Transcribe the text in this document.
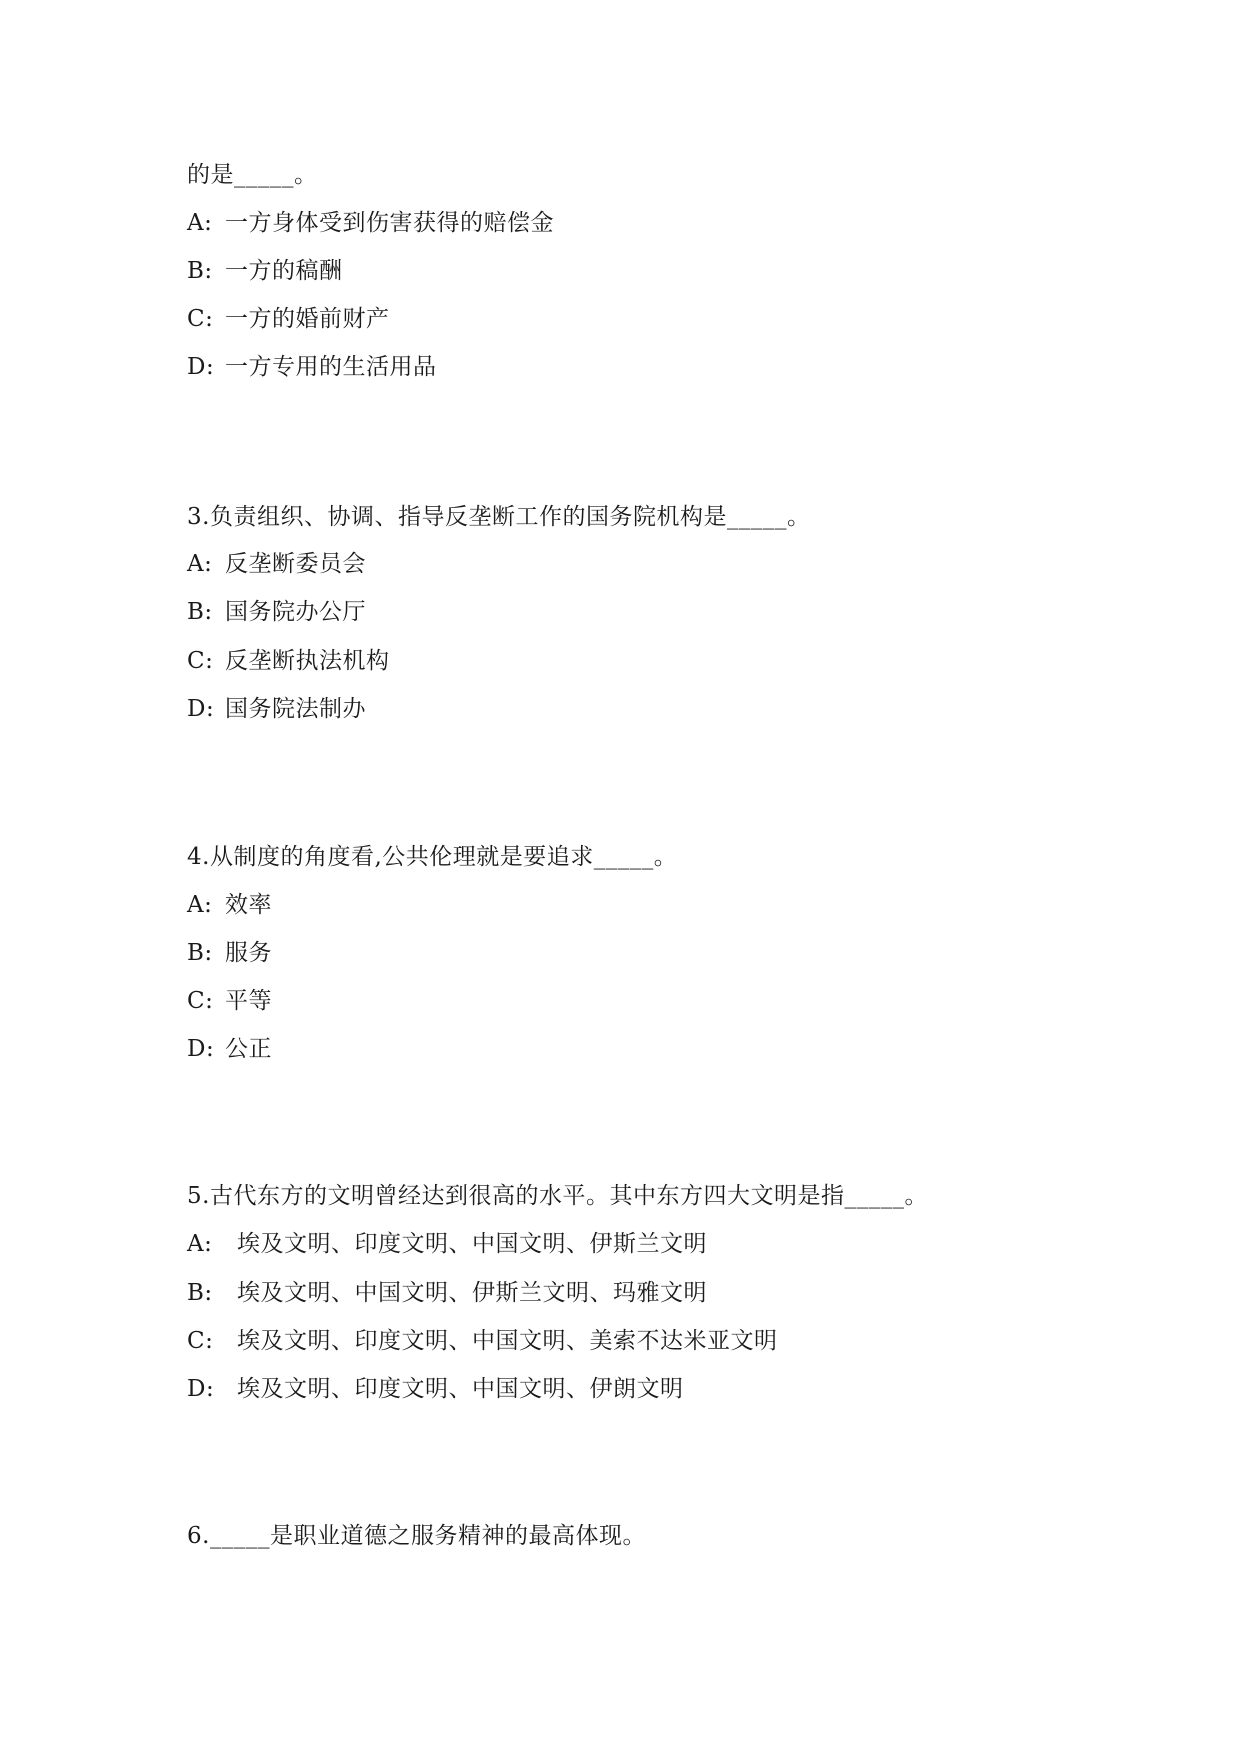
的是_____。
A: 一方身体受到伤害获得的赔偿金
B: 一方的稿酬
C: 一方的婚前财产
D: 一方专用的生活用品
3.负责组织、协调、指导反垄断工作的国务院机构是_____。
A: 反垄断委员会
B: 国务院办公厅
C: 反垄断执法机构
D: 国务院法制办
4.从制度的角度看,公共伦理就是要追求_____。
A: 效率
B: 服务
C: 平等
D: 公正
5.古代东方的文明曾经达到很高的水平。其中东方四大文明是指_____。
A: 埃及文明、印度文明、中国文明、伊斯兰文明
B: 埃及文明、中国文明、伊斯兰文明、玛雅文明
C: 埃及文明、印度文明、中国文明、美索不达米亚文明
D: 埃及文明、印度文明、中国文明、伊朗文明
6._____是职业道德之服务精神的最高体现。
